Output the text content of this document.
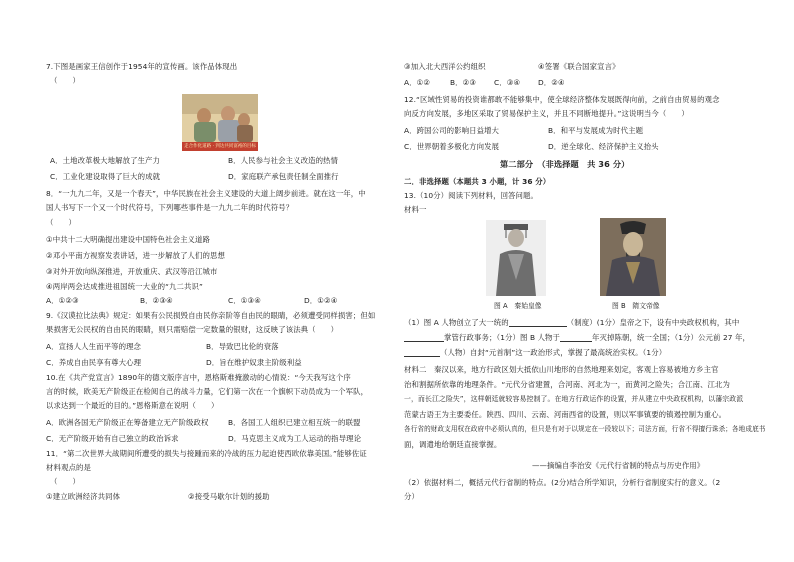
7.下图是画家王信创作于1954年的宣传画。该作品体现出
（　　）
走合作化道路 · 到达共同富裕的目标
A．土地改革极大地解放了生产力	B．人民参与社会主义改造的热情
C．工业化建设取得了巨大的成就	D．家庭联产承包责任制全面推行
8．“一九九二年，又是一个春天”，中华民族在社会主义建设的大道上阔步前进。就在这一年，中
国人书写下一个又一个时代符号，下列哪些事件是一九九二年的时代符号？
（　　）
①中共十二大明确提出建设中国特色社会主义道路
②邓小平南方视察发表讲话，进一步解放了人们的思想
③对外开放向纵深推进，开放重庆、武汉等沿江城市
④两岸两会达成推进祖国统一大业的“九二共识”
A．①②③	B．②③④	C．①③④	D．①②④
9.《汉谟拉比法典》规定：如果有公民损毁自由民你亲阶等自由民的眼睛，必须遭受同样损害；但如
果损害无公民权的自由民的眼睛，则只需赔偿一定数量的银财，这反映了该法典（　　）
A．宣扬人人生而平等的理念	B．导致巴比伦的衰落
C．养成自由民享有尊大心理	D．旨在维护奴隶主阶级利益
10.在《共产党宣言》1890年的德文版序言中，恩格斯难掩激动的心情说：“今天我写这个序
言的时候，欧美无产阶级正在检阅自己的战斗力量，它们第一次在一个旗帜下动员成为一个军队，
以求达到一个最近的目的。”恩格斯意在说明（　　）
A．欧洲各国无产阶级正在筹备建立无产阶级政权	B．各国工人组织已建立相互统一的联盟
C．无产阶级开始有自己独立的政治诉求	D．马克思主义成为工人运动的指导理论
11．“第二次世界大战期间所遭受的损失与接踵而来的冷战的压力起迫使西欧依靠美国。”能够佐证
材料观点的是
（　　）
①建立欧洲经济共同体	②接受马歇尔计划的援助
③加入北大西洋公约组织	④签署《联合国家宣言》
A．①②	B．②③ C．③④ D．②④
12.“区域性贸易的投资谁都敢不能够集中，使全球经济整体发展既得向前，之前自由贸易的观念
向反方向发展，多地区采取了贸易保护主义，并且不同断地提升。”这说明当今（　　）
A．跨国公司的影响日益增大	B．和平与发展成为时代主题
C．世界朝着多极化方向发展	D．逆全球化、经济保护主义抬头
第二部分　（非选择题　共 36 分）
二．非选择题（本题共 3 小题，计 36 分）
13.（10分）阅读下列材料，回答问题。
材料一
图 A　秦始皇像	图 B　隋文帝像
（1）图 A 人物创立了大一统的	（制度）(1分）皇帝之下，设有中央政权机构，其中
掌管行政事务；（1分）图 B 人物于	年灭掉陈朝，统一全国；（1分）公元前 27 年，
（人物）自封“元首制”这一政治形式，掌握了最高统治实权。（1分）
材料二　秦汉以来，地方行政区划大抵依山川地形的自然地理来划定，客观上容易被地方乡主官
治和割据所依靠的地理条件。“元代分省建置，合河南、河北为一，而黄河之险失；合江南、江北为
一，而长江之险失”，这样朝廷就较容易控制了。在地方行政运作的设置，并从建立中央政权机构，以藩宗政派
范蒙古语王为主要委任。陕西、四川、云南、河南西省的设置，则以军事镇要的镇遏控制为重心。
各行省的财政支用权在政府中必须认真的，但只是有对于以规定在一段较以下；司法方面，行省不得擅行诛杀；各地成底书
面，调遣地给朝廷直接掌握。
——摘编自李治安《元代行省制的特点与历史作用》
（2）依据材料二，概括元代行省制的特点。(2分)结合所学知识，分析行省制度实行的意义。（2
分）
